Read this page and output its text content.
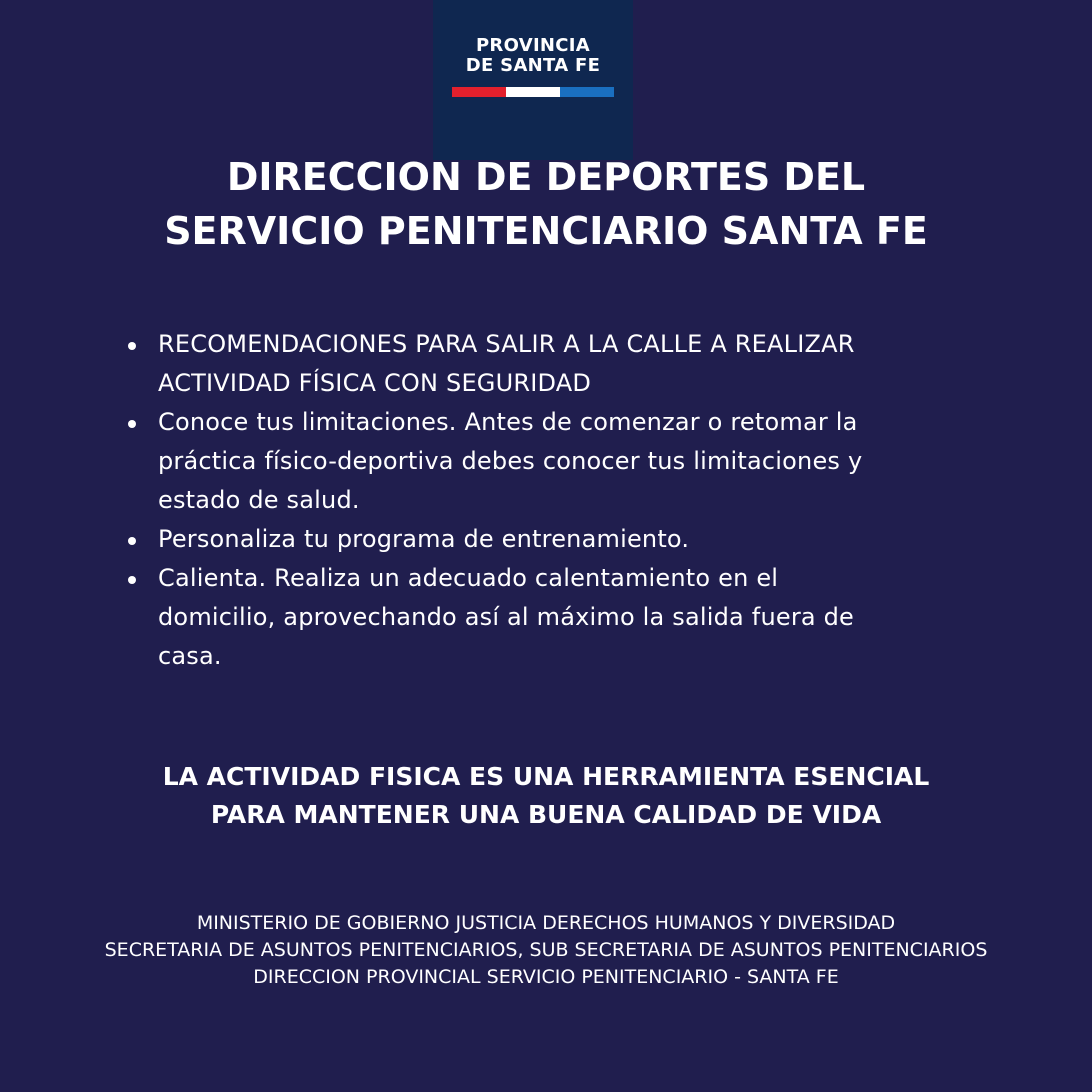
PROVINCIA
DE SANTA FE
DIRECCION DE DEPORTES DEL
SERVICIO PENITENCIARIO SANTA FE
RECOMENDACIONES PARA SALIR A LA CALLE A REALIZAR
ACTIVIDAD FÍSICA CON SEGURIDAD
Conoce tus limitaciones. Antes de comenzar o retomar la
práctica físico-deportiva debes conocer tus limitaciones y
estado de salud.
Personaliza tu programa de entrenamiento.
Calienta. Realiza un adecuado calentamiento en el
domicilio, aprovechando así al máximo la salida fuera de
casa.
LA ACTIVIDAD FISICA ES UNA HERRAMIENTA ESENCIAL
PARA MANTENER UNA BUENA CALIDAD DE VIDA
MINISTERIO DE GOBIERNO JUSTICIA DERECHOS HUMANOS Y DIVERSIDAD
SECRETARIA DE ASUNTOS PENITENCIARIOS, SUB SECRETARIA DE ASUNTOS PENITENCIARIOS
DIRECCION PROVINCIAL SERVICIO PENITENCIARIO - SANTA FE
